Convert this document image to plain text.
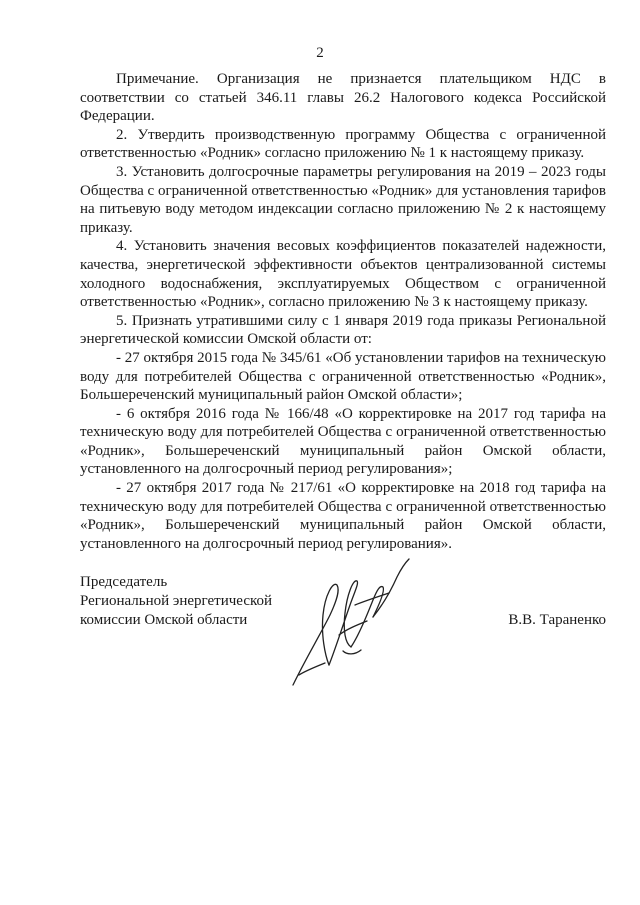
2

Примечание. Организация не признается плательщиком НДС в соответствии со статьей 346.11 главы 26.2 Налогового кодекса Российской Федерации.

2. Утвердить производственную программу Общества с ограниченной ответственностью «Родник» согласно приложению № 1 к настоящему приказу.

3. Установить долгосрочные параметры регулирования на 2019 – 2023 годы Общества с ограниченной ответственностью «Родник» для установления тарифов на питьевую воду методом индексации согласно приложению № 2 к настоящему приказу.

4. Установить значения весовых коэффициентов показателей надежности, качества, энергетической эффективности объектов централизованной системы холодного водоснабжения, эксплуатируемых Обществом с ограниченной ответственностью «Родник», согласно приложению № 3 к настоящему приказу.

5. Признать утратившими силу с 1 января 2019 года приказы Региональной энергетической комиссии Омской области от:

- 27 октября 2015 года № 345/61 «Об установлении тарифов на техническую воду для потребителей Общества с ограниченной ответственностью «Родник», Большереченский муниципальный район Омской области»;

- 6 октября 2016 года № 166/48 «О корректировке на 2017 год тарифа на техническую воду для потребителей Общества с ограниченной ответственностью «Родник», Большереченский муниципальный район Омской области, установленного на долгосрочный период регулирования»;

- 27 октября 2017 года № 217/61 «О корректировке на 2018 год тарифа на техническую воду для потребителей Общества с ограниченной ответственностью «Родник», Большереченский муниципальный район Омской области, установленного на долгосрочный период регулирования».

Председатель
Региональной энергетической
комиссии Омской области	В.В. Тараненко
